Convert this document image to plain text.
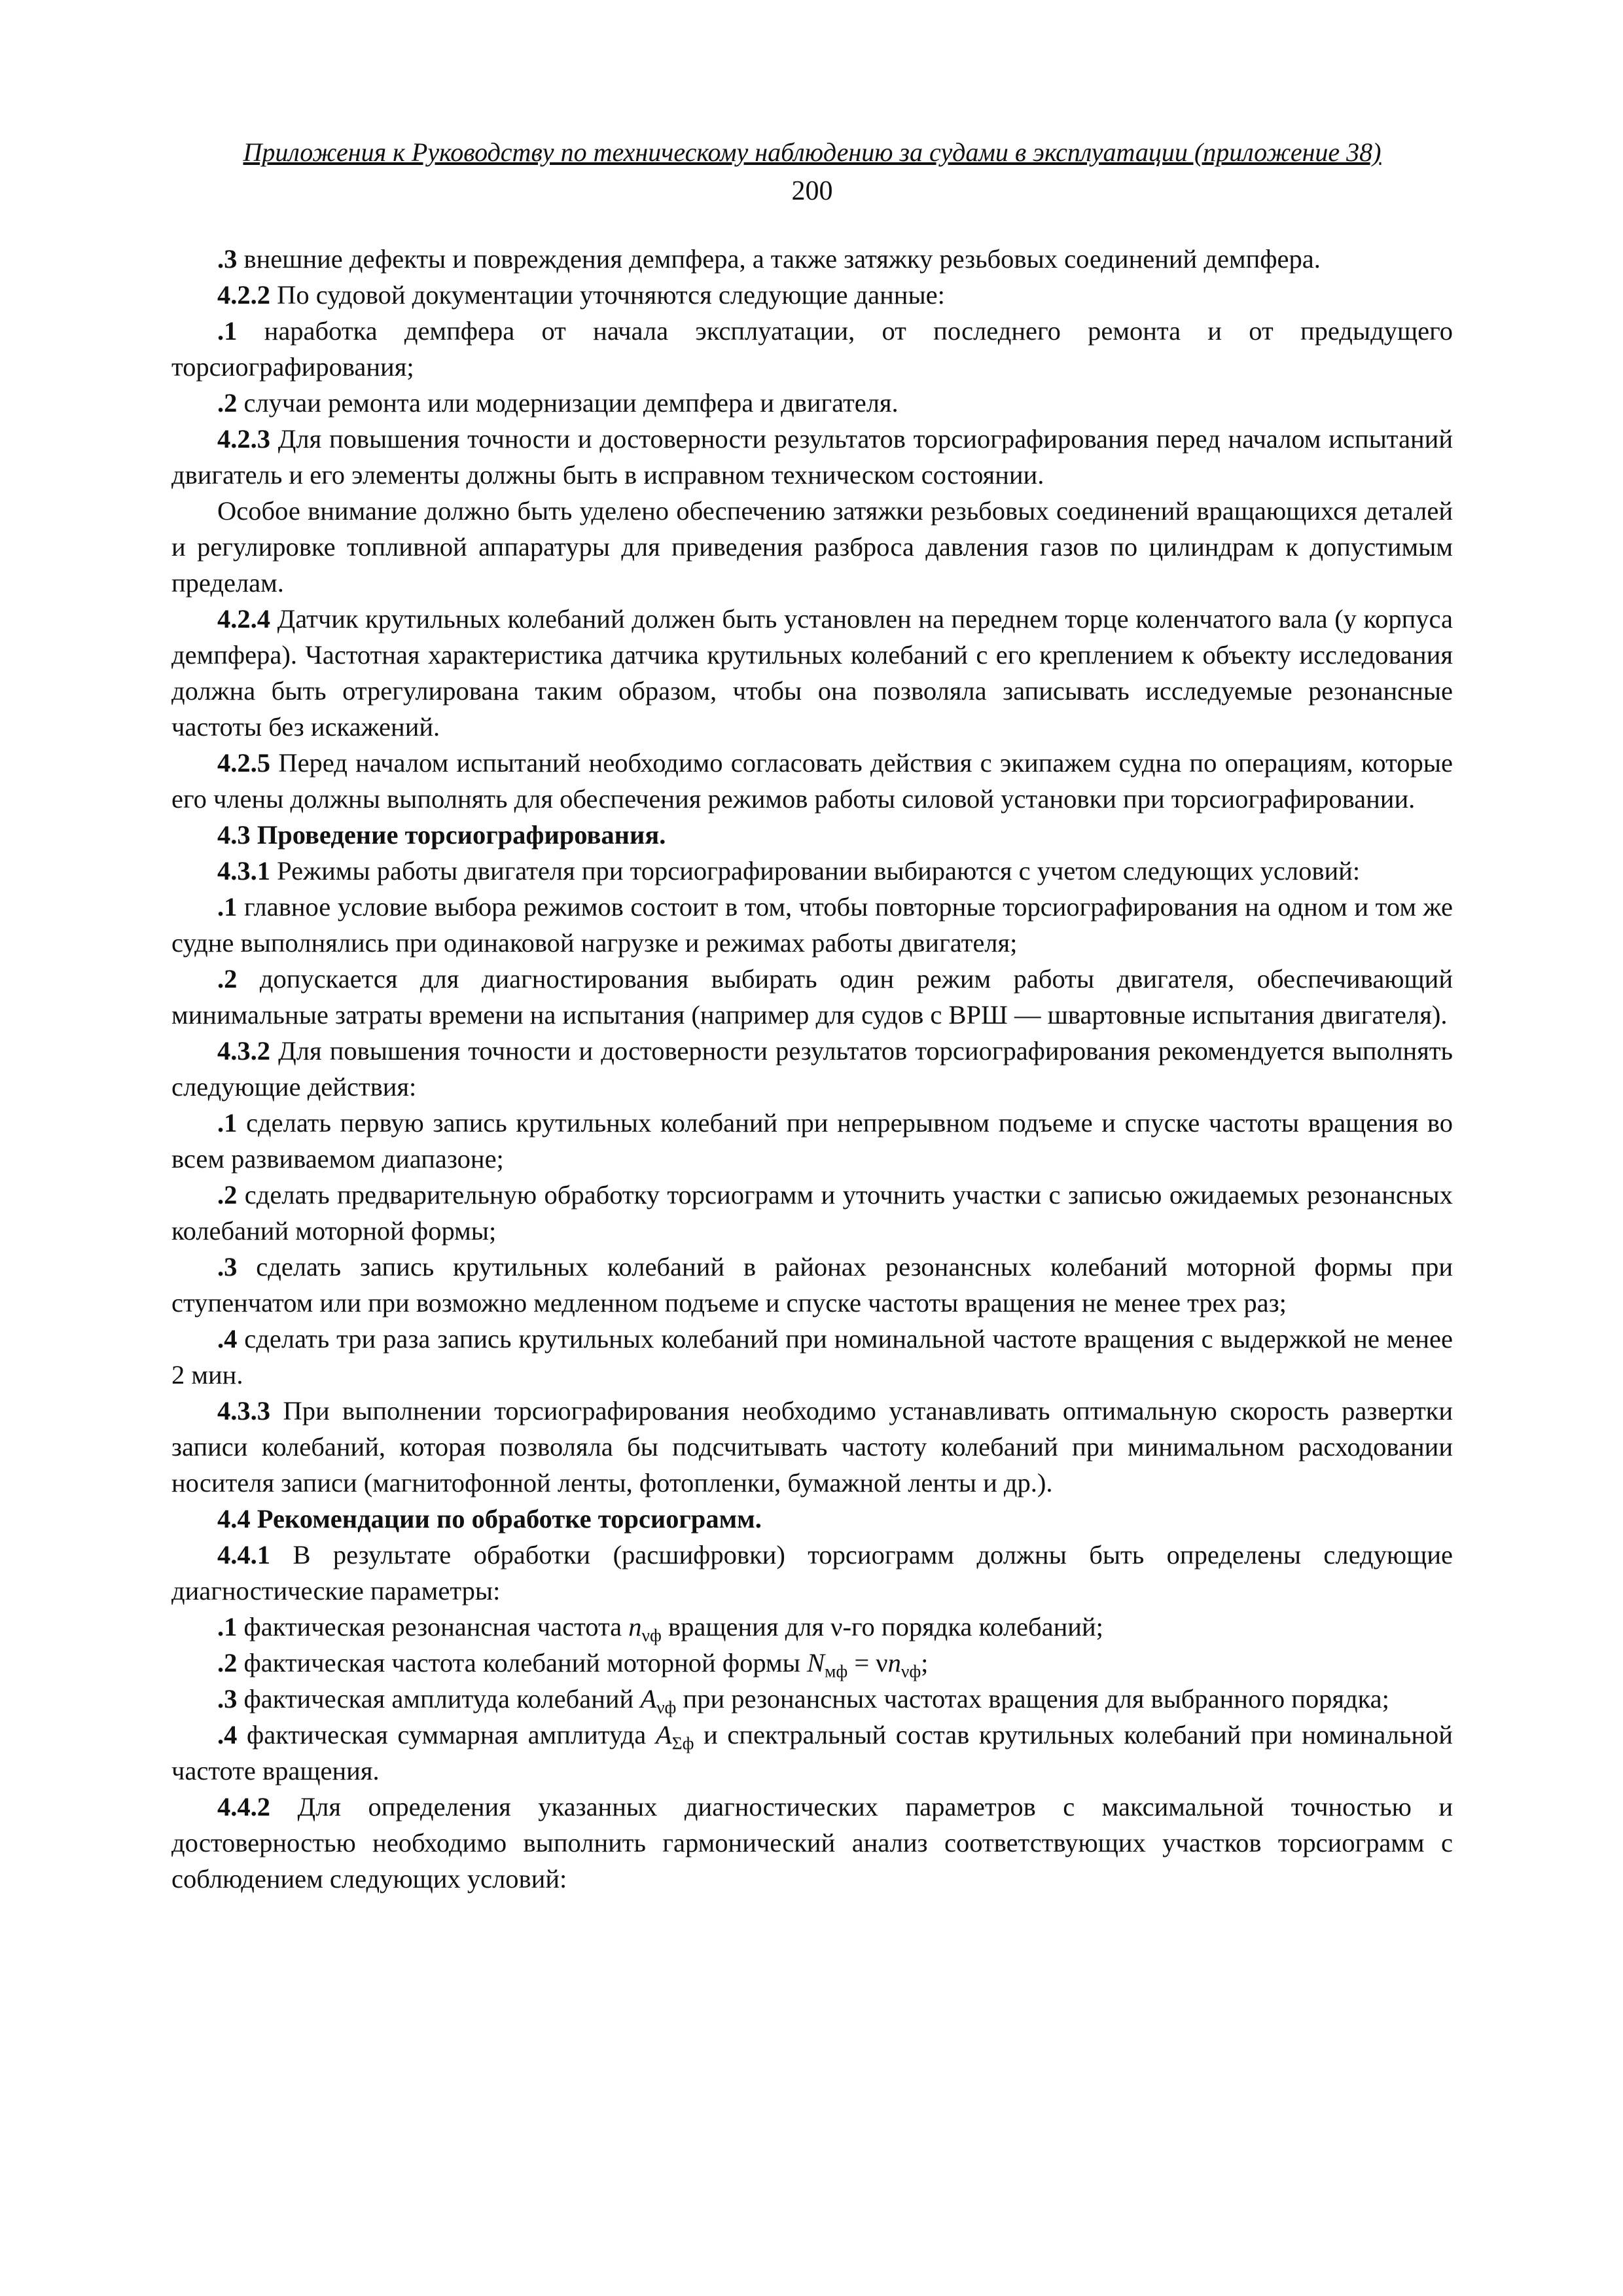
Приложения к Руководству по техническому наблюдению за судами в эксплуатации (приложение 38)
200

.3 внешние дефекты и повреждения демпфера, а также затяжку резьбовых соединений демпфера.

4.2.2 По судовой документации уточняются следующие данные:

.1 наработка демпфера от начала эксплуатации, от последнего ремонта и от предыдущего торсиографирования;

.2 случаи ремонта или модернизации демпфера и двигателя.

4.2.3 Для повышения точности и достоверности результатов торсиографирования перед началом испытаний двигатель и его элементы должны быть в исправном техническом состоянии.

Особое внимание должно быть уделено обеспечению затяжки резьбовых соединений вращающихся деталей и регулировке топливной аппаратуры для приведения разброса давления газов по цилиндрам к допустимым пределам.

4.2.4 Датчик крутильных колебаний должен быть установлен на переднем торце коленчатого вала (у корпуса демпфера). Частотная характеристика датчика крутильных колебаний с его креплением к объекту исследования должна быть отрегулирована таким образом, чтобы она позволяла записывать исследуемые резонансные частоты без искажений.

4.2.5 Перед началом испытаний необходимо согласовать действия с экипажем судна по операциям, которые его члены должны выполнять для обеспечения режимов работы силовой установки при торсиографировании.

4.3 Проведение торсиографирования.

4.3.1 Режимы работы двигателя при торсиографировании выбираются с учетом следующих условий:

.1 главное условие выбора режимов состоит в том, чтобы повторные торсиографирования на одном и том же судне выполнялись при одинаковой нагрузке и режимах работы двигателя;

.2 допускается для диагностирования выбирать один режим работы двигателя, обеспечивающий минимальные затраты времени на испытания (например для судов с ВРШ — швартовные испытания двигателя).

4.3.2 Для повышения точности и достоверности результатов торсиографирования рекомендуется выполнять следующие действия:

.1 сделать первую запись крутильных колебаний при непрерывном подъеме и спуске частоты вращения во всем развиваемом диапазоне;

.2 сделать предварительную обработку торсиограмм и уточнить участки с записью ожидаемых резонансных колебаний моторной формы;

.3 сделать запись крутильных колебаний в районах резонансных колебаний моторной формы при ступенчатом или при возможно медленном подъеме и спуске частоты вращения не менее трех раз;

.4 сделать три раза запись крутильных колебаний при номинальной частоте вращения с выдержкой не менее 2 мин.

4.3.3 При выполнении торсиографирования необходимо устанавливать оптимальную скорость развертки записи колебаний, которая позволяла бы подсчитывать частоту колебаний при минимальном расходовании носителя записи (магнитофонной ленты, фотопленки, бумажной ленты и др.).

4.4 Рекомендации по обработке торсиограмм.

4.4.1 В результате обработки (расшифровки) торсиограмм должны быть определены следующие диагностические параметры:

.1 фактическая резонансная частота $n_{\nu ф}$ вращения для ν-го порядка колебаний;

.2 фактическая частота колебаний моторной формы $N_{мф} = \nu n_{\nu ф}$;

.3 фактическая амплитуда колебаний $A_{\nu ф}$ при резонансных частотах вращения для выбранного порядка;

.4 фактическая суммарная амплитуда $A_{\Sigma ф}$ и спектральный состав крутильных колебаний при номинальной частоте вращения.

4.4.2 Для определения указанных диагностических параметров с максимальной точностью и достоверностью необходимо выполнить гармонический анализ соответствующих участков торсиограмм с соблюдением следующих условий:
